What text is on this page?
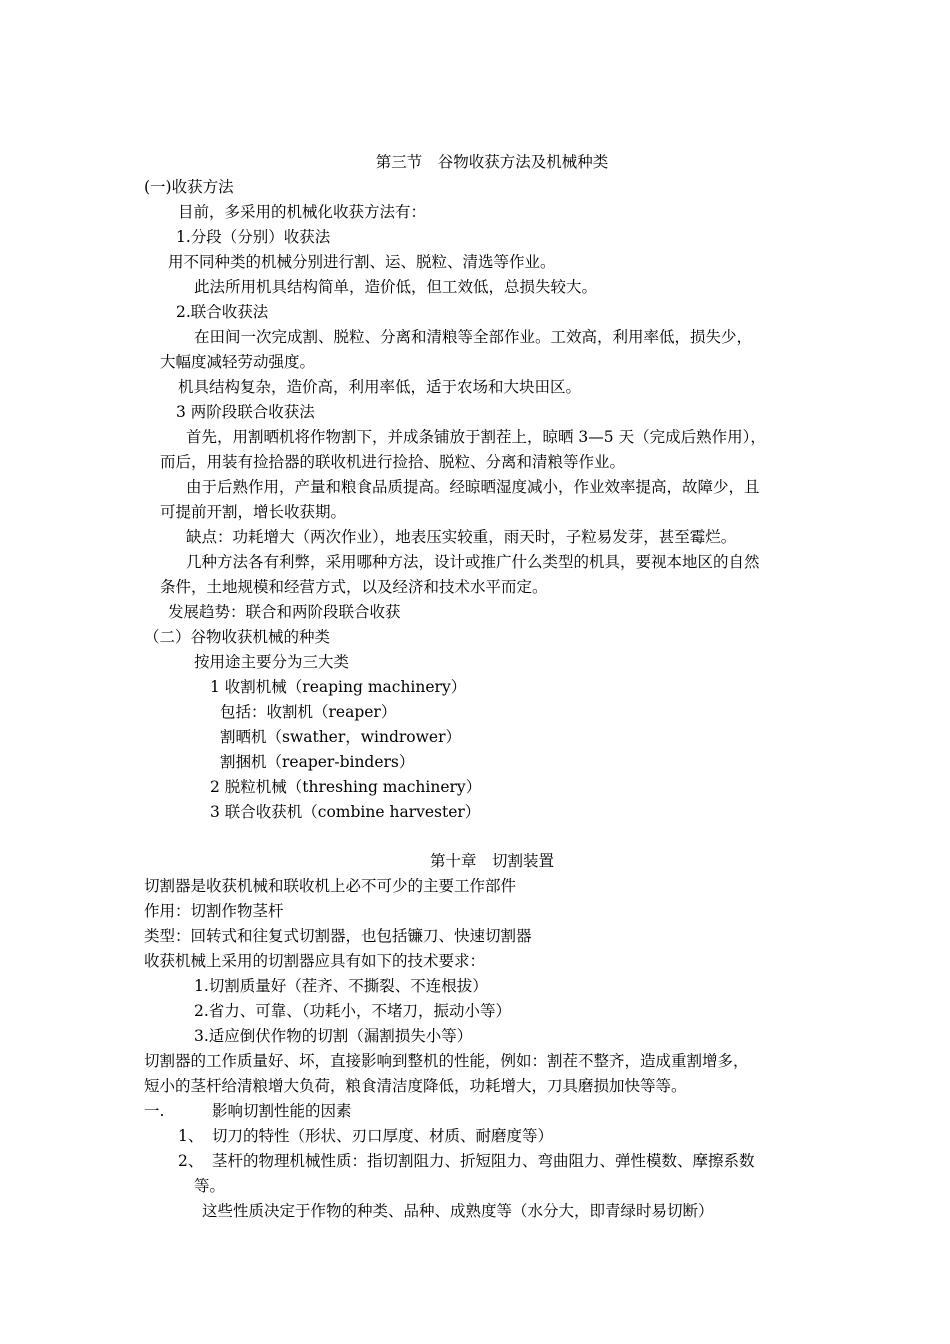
第三节　谷物收获方法及机械种类
(一)收获方法
目前，多采用的机械化收获方法有：
1.分段（分别）收获法
用不同种类的机械分别进行割、运、脱粒、清选等作业。
此法所用机具结构简单，造价低，但工效低，总损失较大。
2.联合收获法
在田间一次完成割、脱粒、分离和清粮等全部作业。工效高，利用率低，损失少，
大幅度减轻劳动强度。
机具结构复杂，造价高，利用率低，适于农场和大块田区。
3 两阶段联合收获法
首先，用割晒机将作物割下，并成条铺放于割茬上，晾晒 3—5 天（完成后熟作用），
而后，用装有捡拾器的联收机进行捡拾、脱粒、分离和清粮等作业。
由于后熟作用，产量和粮食品质提高。经晾晒湿度减小，作业效率提高，故障少，且
可提前开割，增长收获期。
缺点：功耗增大（两次作业），地表压实较重，雨天时，子粒易发芽，甚至霉烂。
几种方法各有利弊，采用哪种方法，设计或推广什么类型的机具，要视本地区的自然
条件，土地规模和经营方式，以及经济和技术水平而定。
发展趋势：联合和两阶段联合收获
（二）谷物收获机械的种类
按用途主要分为三大类
1 收割机械（reaping machinery）
包括：收割机（reaper）
割晒机（swather，windrower）
割捆机（reaper-binders）
2 脱粒机械（threshing machinery）
3 联合收获机（combine harvester）
第十章　切割装置
切割器是收获机械和联收机上必不可少的主要工作部件
作用：切割作物茎杆
类型：回转式和往复式切割器，也包括镰刀、快速切割器
收获机械上采用的切割器应具有如下的技术要求：
1.切割质量好（茬齐、不撕裂、不连根拔）
2.省力、可靠、（功耗小，不堵刀，振动小等）
3.适应倒伏作物的切割（漏割损失小等）
切割器的工作质量好、坏，直接影响到整机的性能，例如：割茬不整齐，造成重割增多，
短小的茎杆给清粮增大负荷，粮食清洁度降低，功耗增大，刀具磨损加快等等。
一.	影响切割性能的因素
1、 切刀的特性（形状、刃口厚度、材质、耐磨度等）
2、 茎杆的物理机械性质：指切割阻力、折短阻力、弯曲阻力、弹性模数、摩擦系数
等。
这些性质决定于作物的种类、品种、成熟度等（水分大，即青绿时易切断）
